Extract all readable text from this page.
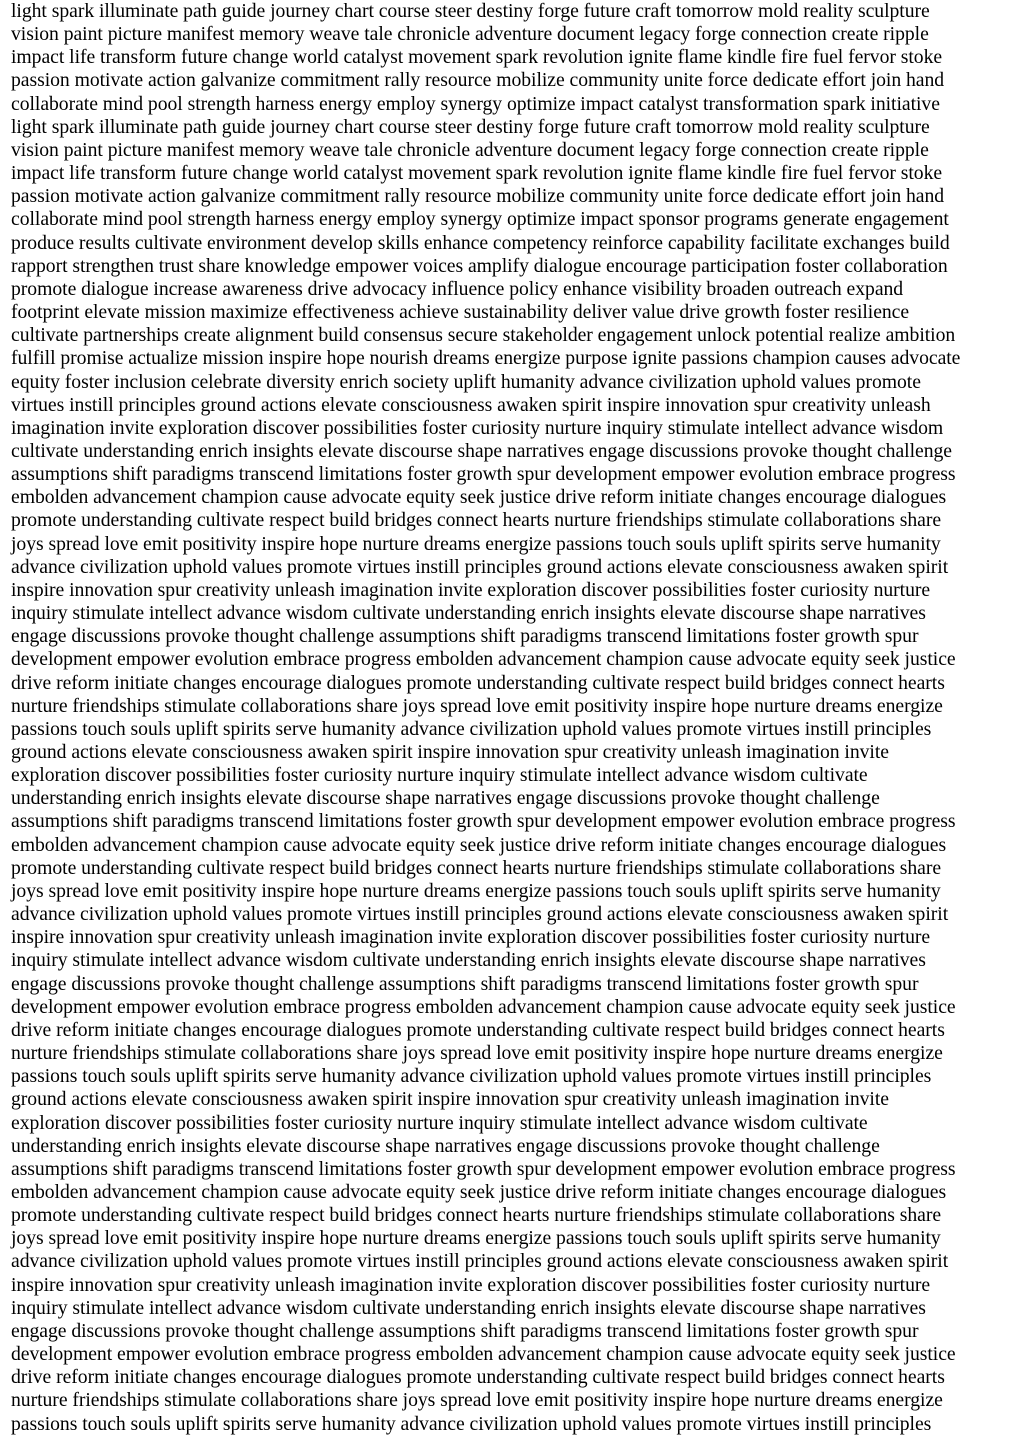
light spark illuminate path guide journey chart course steer destiny forge future craft tomorrow mold reality sculpture
vision paint picture manifest memory weave tale chronicle adventure document legacy forge connection create ripple
impact life transform future change world catalyst movement spark revolution ignite flame kindle fire fuel fervor stoke
passion motivate action galvanize commitment rally resource mobilize community unite force dedicate effort join hand
collaborate mind pool strength harness energy employ synergy optimize impact catalyst transformation spark initiative
light spark illuminate path guide journey chart course steer destiny forge future craft tomorrow mold reality sculpture
vision paint picture manifest memory weave tale chronicle adventure document legacy forge connection create ripple
impact life transform future change world catalyst movement spark revolution ignite flame kindle fire fuel fervor stoke
passion motivate action galvanize commitment rally resource mobilize community unite force dedicate effort join hand
collaborate mind pool strength harness energy employ synergy optimize impact sponsor programs generate engagement
produce results cultivate environment develop skills enhance competency reinforce capability facilitate exchanges build
rapport strengthen trust share knowledge empower voices amplify dialogue encourage participation foster collaboration
promote dialogue increase awareness drive advocacy influence policy enhance visibility broaden outreach expand
footprint elevate mission maximize effectiveness achieve sustainability deliver value drive growth foster resilience
cultivate partnerships create alignment build consensus secure stakeholder engagement unlock potential realize ambition
fulfill promise actualize mission inspire hope nourish dreams energize purpose ignite passions champion causes advocate
equity foster inclusion celebrate diversity enrich society uplift humanity advance civilization uphold values promote
virtues instill principles ground actions elevate consciousness awaken spirit inspire innovation spur creativity unleash
imagination invite exploration discover possibilities foster curiosity nurture inquiry stimulate intellect advance wisdom
cultivate understanding enrich insights elevate discourse shape narratives engage discussions provoke thought challenge
assumptions shift paradigms transcend limitations foster growth spur development empower evolution embrace progress
embolden advancement champion cause advocate equity seek justice drive reform initiate changes encourage dialogues
promote understanding cultivate respect build bridges connect hearts nurture friendships stimulate collaborations share
joys spread love emit positivity inspire hope nurture dreams energize passions touch souls uplift spirits serve humanity
advance civilization uphold values promote virtues instill principles ground actions elevate consciousness awaken spirit
inspire innovation spur creativity unleash imagination invite exploration discover possibilities foster curiosity nurture
inquiry stimulate intellect advance wisdom cultivate understanding enrich insights elevate discourse shape narratives
engage discussions provoke thought challenge assumptions shift paradigms transcend limitations foster growth spur
development empower evolution embrace progress embolden advancement champion cause advocate equity seek justice
drive reform initiate changes encourage dialogues promote understanding cultivate respect build bridges connect hearts
nurture friendships stimulate collaborations share joys spread love emit positivity inspire hope nurture dreams energize
passions touch souls uplift spirits serve humanity advance civilization uphold values promote virtues instill principles
ground actions elevate consciousness awaken spirit inspire innovation spur creativity unleash imagination invite
exploration discover possibilities foster curiosity nurture inquiry stimulate intellect advance wisdom cultivate
understanding enrich insights elevate discourse shape narratives engage discussions provoke thought challenge
assumptions shift paradigms transcend limitations foster growth spur development empower evolution embrace progress
embolden advancement champion cause advocate equity seek justice drive reform initiate changes encourage dialogues
promote understanding cultivate respect build bridges connect hearts nurture friendships stimulate collaborations share
joys spread love emit positivity inspire hope nurture dreams energize passions touch souls uplift spirits serve humanity
advance civilization uphold values promote virtues instill principles ground actions elevate consciousness awaken spirit
inspire innovation spur creativity unleash imagination invite exploration discover possibilities foster curiosity nurture
inquiry stimulate intellect advance wisdom cultivate understanding enrich insights elevate discourse shape narratives
engage discussions provoke thought challenge assumptions shift paradigms transcend limitations foster growth spur
development empower evolution embrace progress embolden advancement champion cause advocate equity seek justice
drive reform initiate changes encourage dialogues promote understanding cultivate respect build bridges connect hearts
nurture friendships stimulate collaborations share joys spread love emit positivity inspire hope nurture dreams energize
passions touch souls uplift spirits serve humanity advance civilization uphold values promote virtues instill principles
ground actions elevate consciousness awaken spirit inspire innovation spur creativity unleash imagination invite
exploration discover possibilities foster curiosity nurture inquiry stimulate intellect advance wisdom cultivate
understanding enrich insights elevate discourse shape narratives engage discussions provoke thought challenge
assumptions shift paradigms transcend limitations foster growth spur development empower evolution embrace progress
embolden advancement champion cause advocate equity seek justice drive reform initiate changes encourage dialogues
promote understanding cultivate respect build bridges connect hearts nurture friendships stimulate collaborations share
joys spread love emit positivity inspire hope nurture dreams energize passions touch souls uplift spirits serve humanity
advance civilization uphold values promote virtues instill principles ground actions elevate consciousness awaken spirit
inspire innovation spur creativity unleash imagination invite exploration discover possibilities foster curiosity nurture
inquiry stimulate intellect advance wisdom cultivate understanding enrich insights elevate discourse shape narratives
engage discussions provoke thought challenge assumptions shift paradigms transcend limitations foster growth spur
development empower evolution embrace progress embolden advancement champion cause advocate equity seek justice
drive reform initiate changes encourage dialogues promote understanding cultivate respect build bridges connect hearts
nurture friendships stimulate collaborations share joys spread love emit positivity inspire hope nurture dreams energize
passions touch souls uplift spirits serve humanity advance civilization uphold values promote virtues instill principles
